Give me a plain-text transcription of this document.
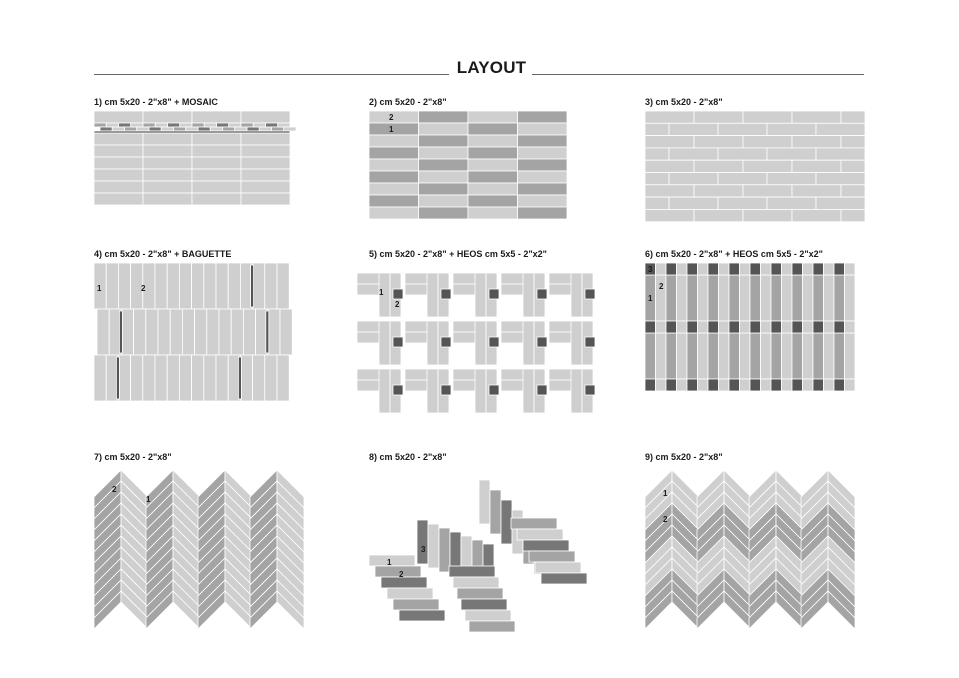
LAYOUT
1) cm 5x20 - 2"x8" + MOSAIC	2) cm 5x20 - 2"x8"
2
1
3) cm 5x20 - 2"x8"
4) cm 5x20 - 2"x8" + BAGUETTE
1	2
5) cm 5x20 - 2"x8" + HEOS cm 5x5 - 2"x2"
1
2
6) cm 5x20 - 2"x8" + HEOS cm 5x5 - 2"x2"
3
2
1
7) cm 5x20 - 2"x8"
2
1
8) cm 5x20 - 2"x8"
3
1
2
9) cm 5x20 - 2"x8"
1
2
